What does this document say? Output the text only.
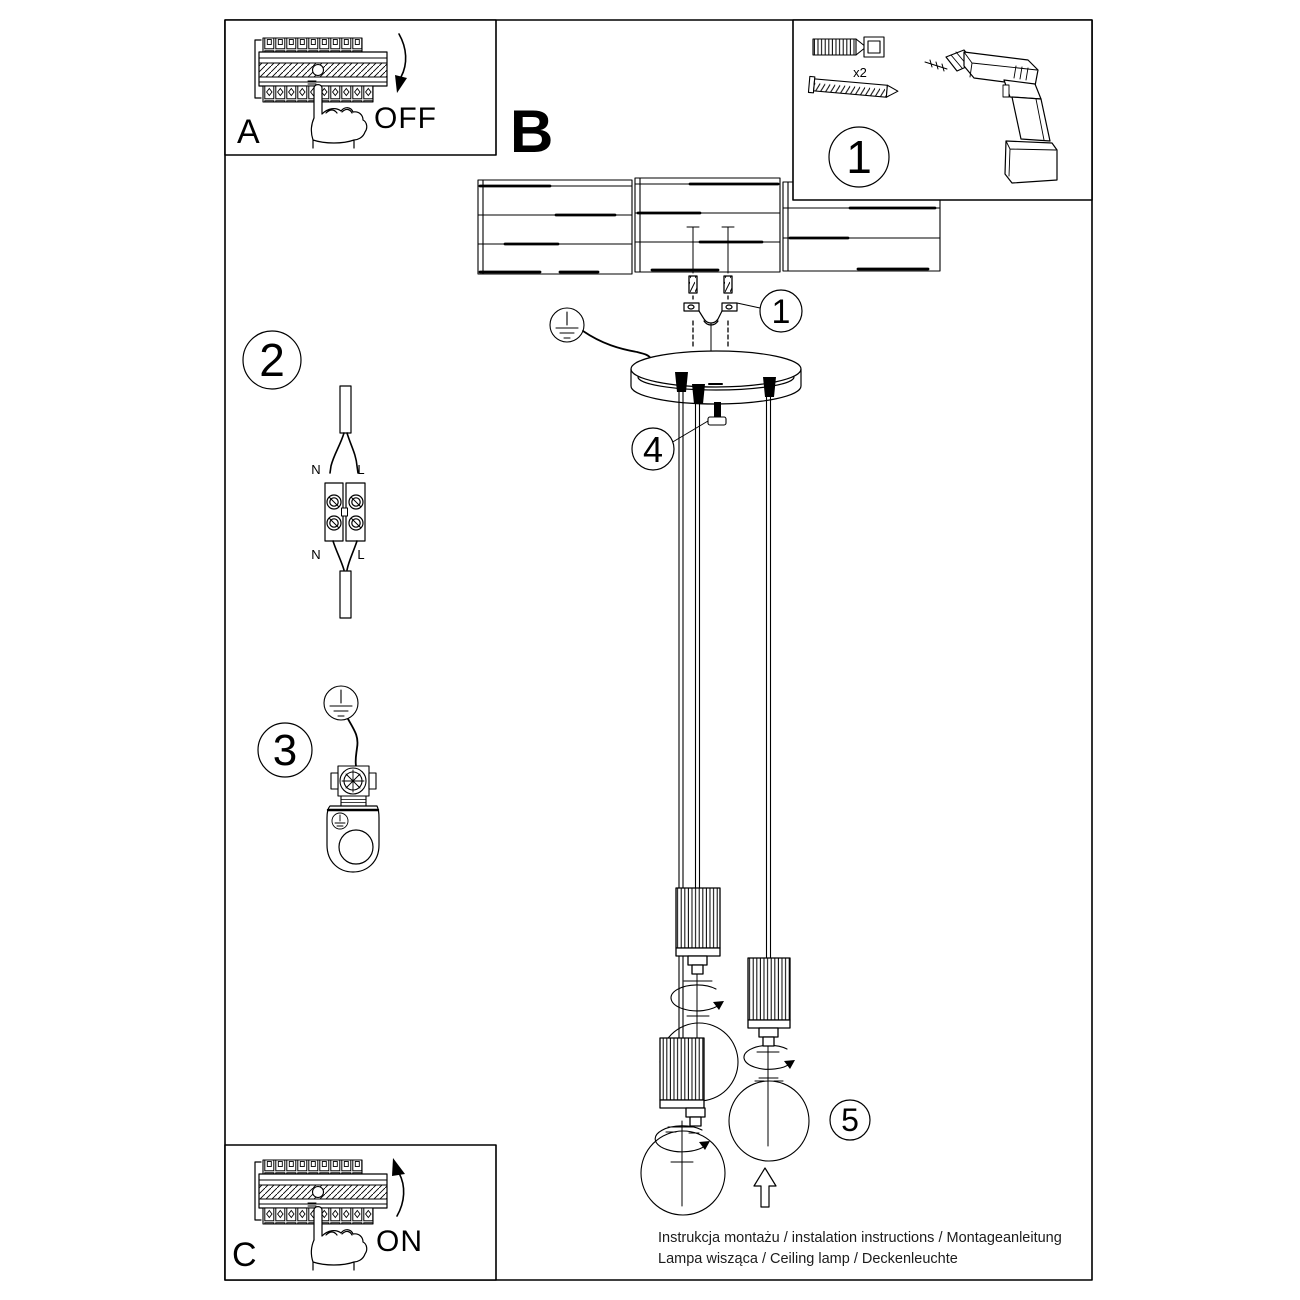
1
4
5
2
N	L
N	L
3
x2
1
A	OFF
C	ON
B
Instrukcja montażu / instalation instructions / Montageanleitung
Lampa wisząca / Ceiling lamp / Deckenleuchte
